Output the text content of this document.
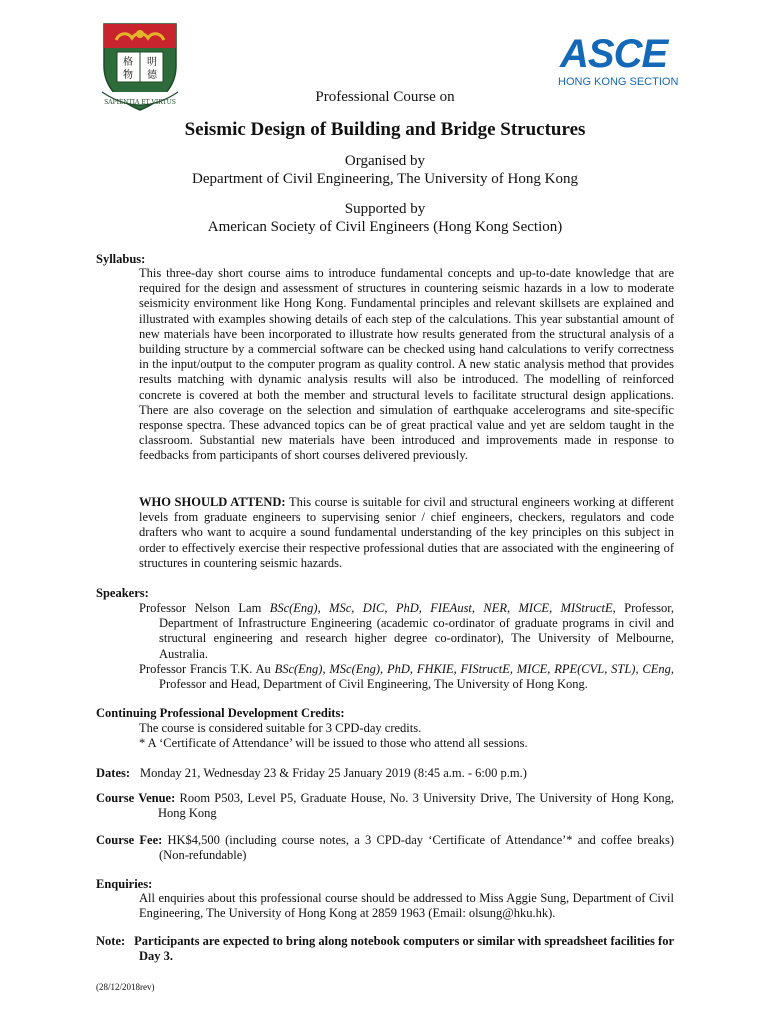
格 明
物 德
SAPIENTIA ET VIRTUS
ASCE
HONG KONG SECTION
Professional Course on
Seismic Design of Building and Bridge Structures
Organised by
Department of Civil Engineering, The University of Hong Kong
Supported by
American Society of Civil Engineers (Hong Kong Section)
Syllabus:
This three-day short course aims to introduce fundamental concepts and up-to-date knowledge that are required for the design and assessment of structures in countering seismic hazards in a low to moderate seismicity environment like Hong Kong. Fundamental principles and relevant skillsets are explained and illustrated with examples showing details of each step of the calculations. This year substantial amount of new materials have been incorporated to illustrate how results generated from the structural analysis of a building structure by a commercial software can be checked using hand calculations to verify correctness in the input/output to the computer program as quality control. A new static analysis method that provides results matching with dynamic analysis results will also be introduced. The modelling of reinforced concrete is covered at both the member and structural levels to facilitate structural design applications. There are also coverage on the selection and simulation of earthquake accelerograms and site-specific response spectra. These advanced topics can be of great practical value and yet are seldom taught in the classroom. Substantial new materials have been introduced and improvements made in response to feedbacks from participants of short courses delivered previously.
WHO SHOULD ATTEND: This course is suitable for civil and structural engineers working at different levels from graduate engineers to supervising senior / chief engineers, checkers, regulators and code drafters who want to acquire a sound fundamental understanding of the key principles on this subject in order to effectively exercise their respective professional duties that are associated with the engineering of structures in countering seismic hazards.
Speakers:
Professor Nelson Lam BSc(Eng), MSc, DIC, PhD, FIEAust, NER, MICE, MIStructE, Professor, Department of Infrastructure Engineering (academic co-ordinator of graduate programs in civil and structural engineering and research higher degree co-ordinator), The University of Melbourne, Australia.
Professor Francis T.K. Au BSc(Eng), MSc(Eng), PhD, FHKIE, FIStructE, MICE, RPE(CVL, STL), CEng, Professor and Head, Department of Civil Engineering, The University of Hong Kong.
Continuing Professional Development Credits:
The course is considered suitable for 3 CPD-day credits.
* A ‘Certificate of Attendance’ will be issued to those who attend all sessions.
Dates: Monday 21, Wednesday 23 & Friday 25 January 2019 (8:45 a.m. - 6:00 p.m.)
Course Venue: Room P503, Level P5, Graduate House, No. 3 University Drive, The University of Hong Kong, Hong Kong
Course Fee: HK$4,500 (including course notes, a 3 CPD-day ‘Certificate of Attendance’* and coffee breaks) (Non-refundable)
Enquiries:
All enquiries about this professional course should be addressed to Miss Aggie Sung, Department of Civil Engineering, The University of Hong Kong at 2859 1963 (Email: olsung@hku.hk).
Note: Participants are expected to bring along notebook computers or similar with spreadsheet facilities for Day 3.
(28/12/2018rev)
